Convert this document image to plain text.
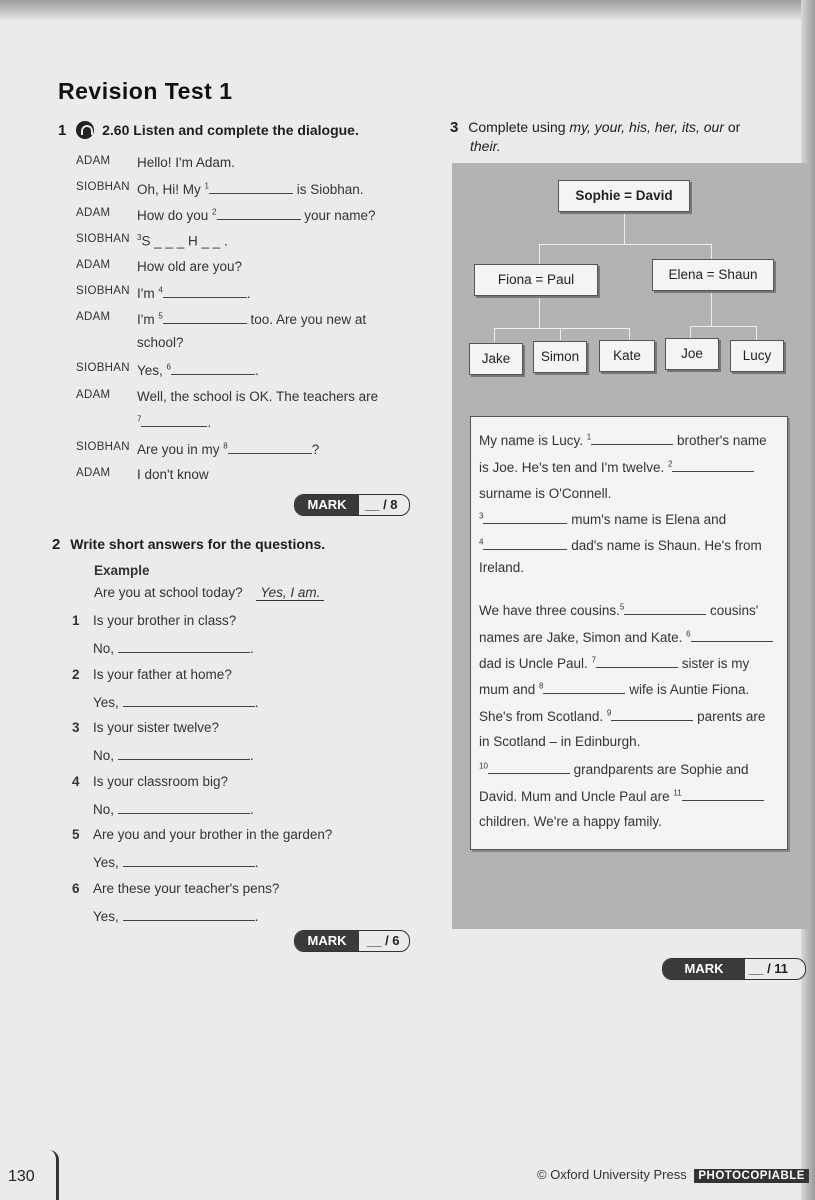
Revision Test 1
1	2.60 Listen and complete the dialogue.
ADAM	Hello! I'm Adam.
SIOBHAN Oh, Hi! My $^1$	is Siobhan.
ADAM	How do you $^2$	your name?
SIOBHAN $^3$S _ _ _ H _ _ .
ADAM	How old are you?
SIOBHAN I'm $^4$	.
ADAM	I'm $^5$	too. Are you new at
school?
SIOBHAN Yes, $^6$	.
ADAM	Well, the school is OK. The teachers are
$^7$	.
SIOBHAN Are you in my $^8$	?
ADAM	I don't know
MARK	__ / 8
2 Write short answers for the questions.
Example
Are you at school today? Yes, I am.
1 Is your brother in class?
No,	.
2 Is your father at home?
Yes,	.
3 Is your sister twelve?
No,	.
4 Is your classroom big?
No,	.
5 Are you and your brother in the garden?
Yes,	.
6 Are these your teacher's pens?
Yes,	.
MARK	__ / 6
3 Complete using my, your, his, her, its, our or
their.
Sophie = David
Fiona = Paul	Elena = Shaun
Jake	Simon	Kate	Joe	Lucy
My name is Lucy. $^1$	brother's name
is Joe. He's ten and I'm twelve. $^2$
surname is O'Connell.
$^3$	mum's name is Elena and
$^4$	dad's name is Shaun. He's from
Ireland.
We have three cousins.$^5$	cousins'
names are Jake, Simon and Kate. $^6$
dad is Uncle Paul. $^7$	sister is my
mum and $^8$	wife is Auntie Fiona.
She's from Scotland. $^9$	parents are
in Scotland – in Edinburgh.
$^{10}$	grandparents are Sophie and
David. Mum and Uncle Paul are $^{11}$
children. We're a happy family.
MARK	__ / 11
130	© Oxford University Press PHOTOCOPIABLE
